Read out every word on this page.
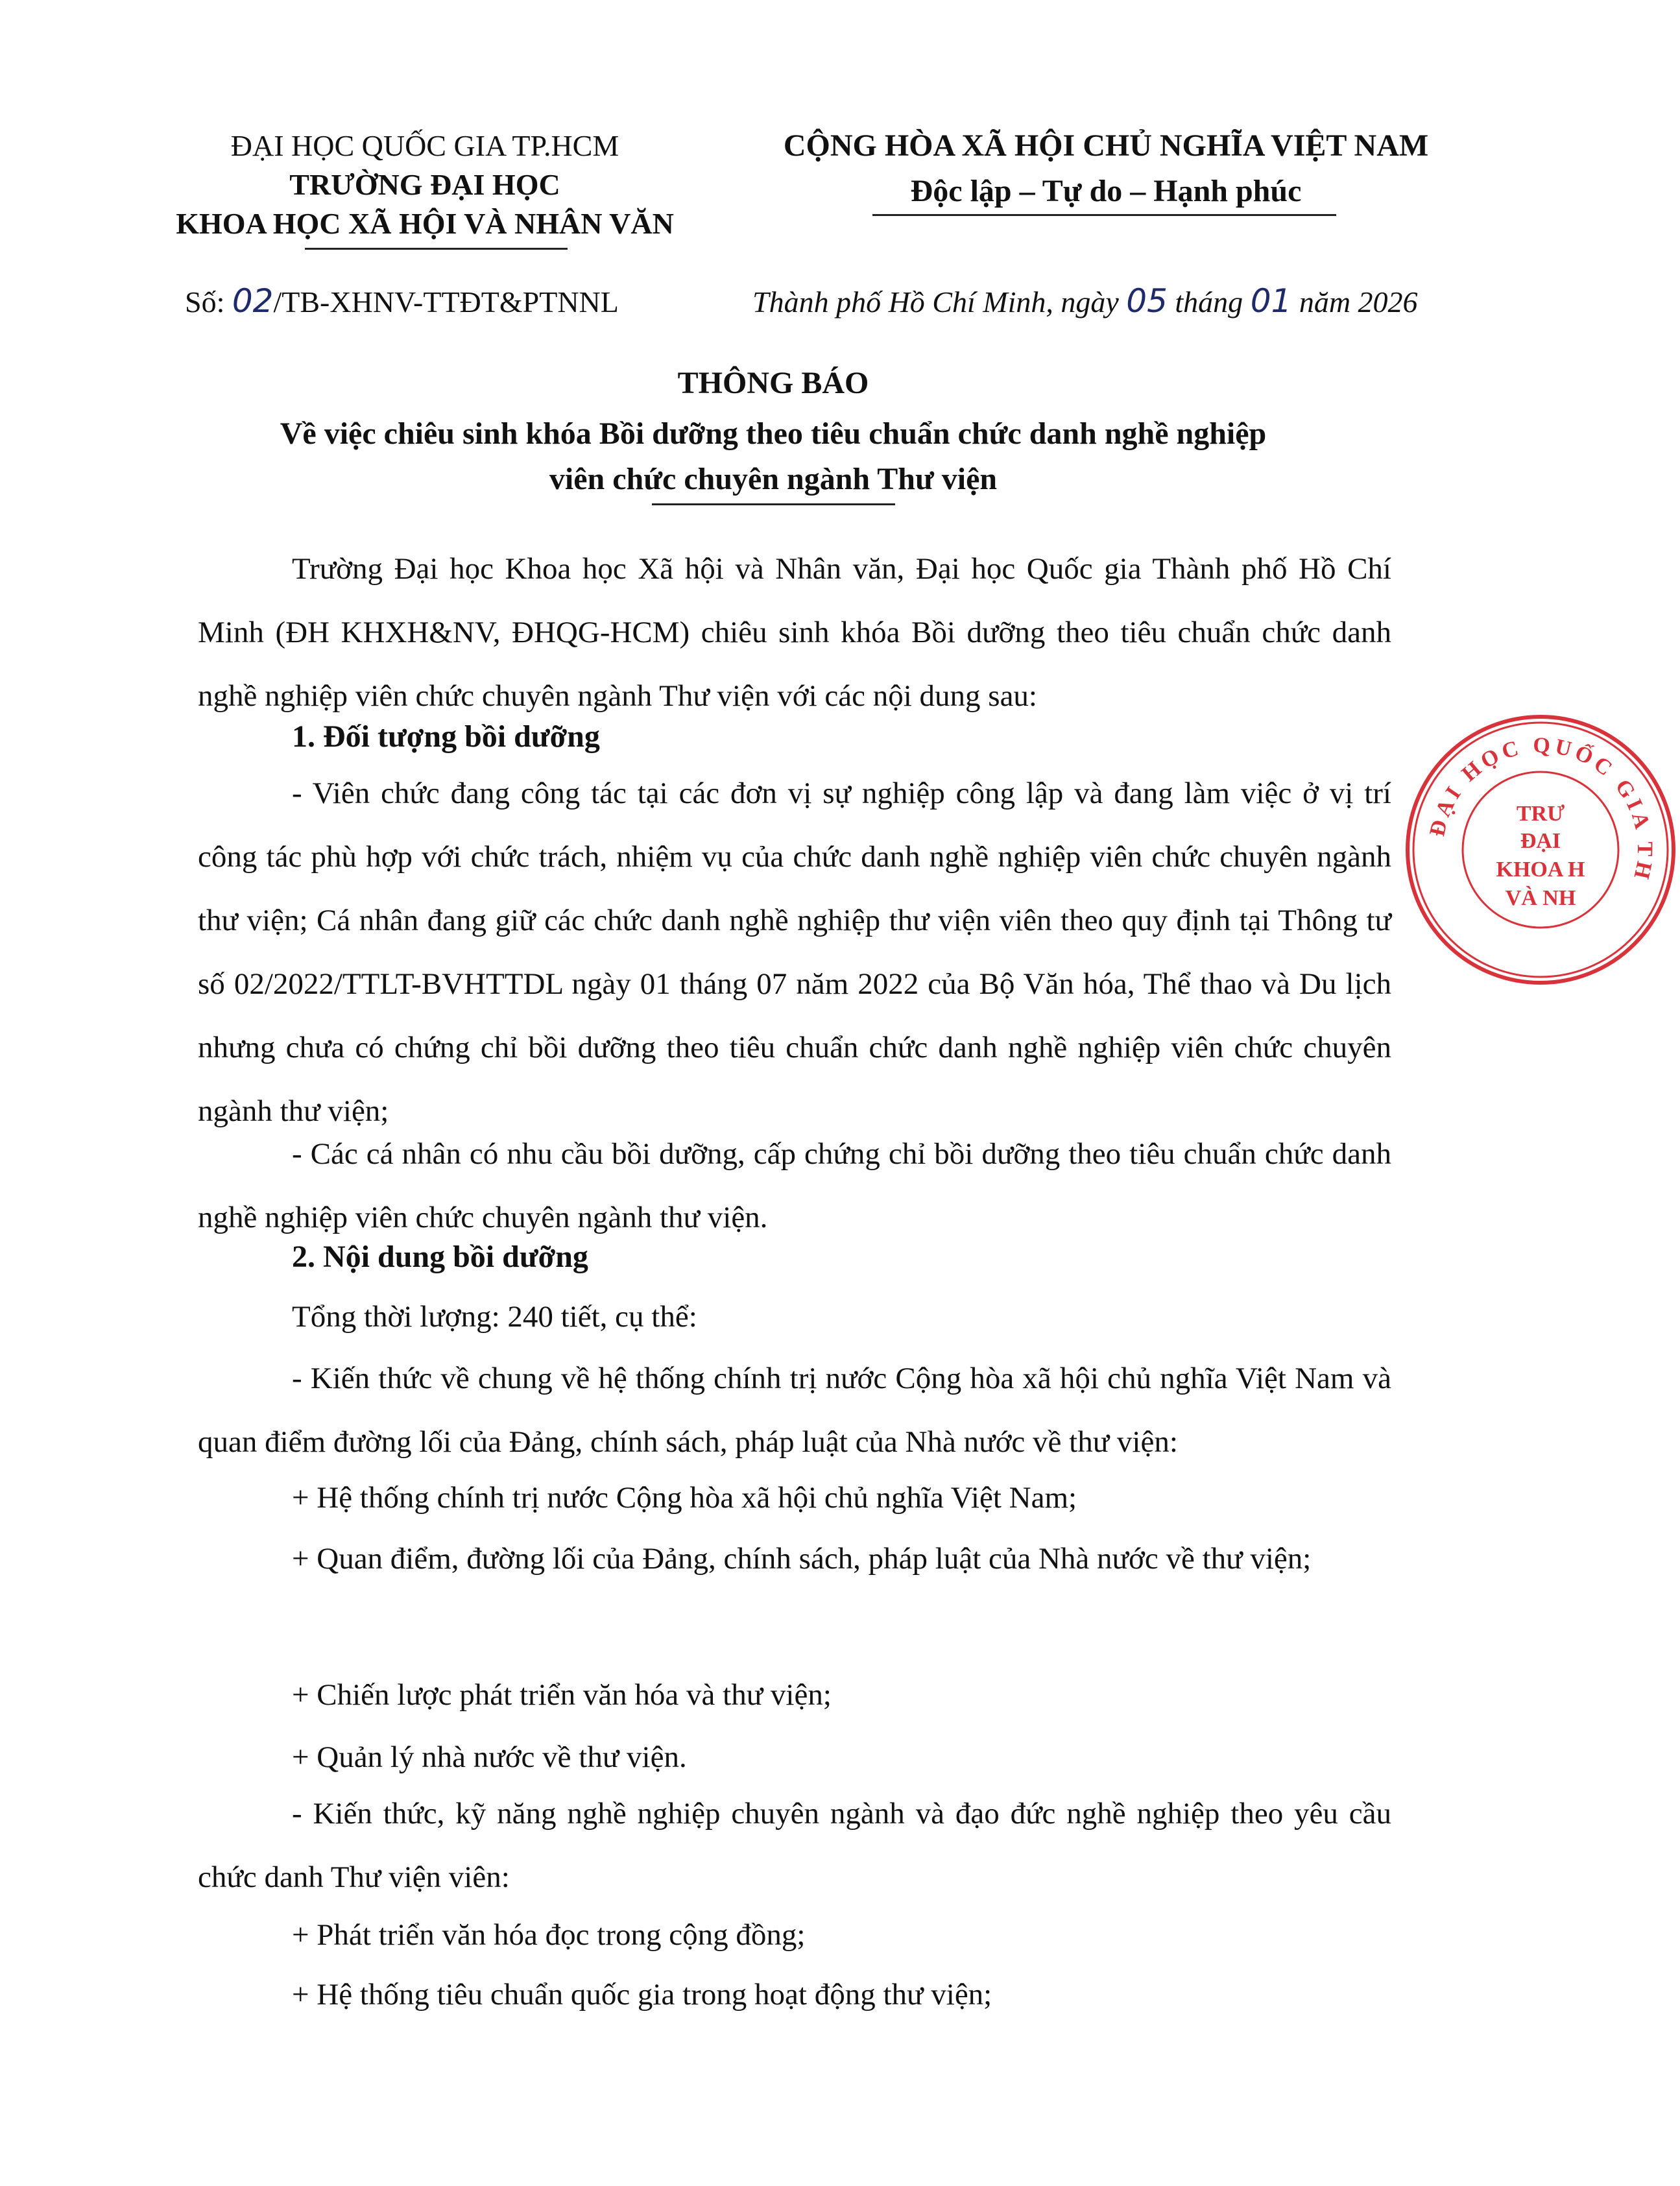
ĐẠI HỌC QUỐC GIA TP.HCM
TRƯỜNG ĐẠI HỌC
KHOA HỌC XÃ HỘI VÀ NHÂN VĂN
Số: 02/TB-XHNV-TTĐT&PTNNL
CỘNG HÒA XÃ HỘI CHỦ NGHĨA VIỆT NAM
Độc lập – Tự do – Hạnh phúc
Thành phố Hồ Chí Minh, ngày 05 tháng 01 năm 2026
THÔNG BÁO
Về việc chiêu sinh khóa Bồi dưỡng theo tiêu chuẩn chức danh nghề nghiệp
viên chức chuyên ngành Thư viện
Trường Đại học Khoa học Xã hội và Nhân văn, Đại học Quốc gia Thành phố Hồ Chí Minh (ĐH KHXH&NV, ĐHQG-HCM) chiêu sinh khóa Bồi dưỡng theo tiêu chuẩn chức danh nghề nghiệp viên chức chuyên ngành Thư viện với các nội dung sau:
1. Đối tượng bồi dưỡng
- Viên chức đang công tác tại các đơn vị sự nghiệp công lập và đang làm việc ở vị trí công tác phù hợp với chức trách, nhiệm vụ của chức danh nghề nghiệp viên chức chuyên ngành thư viện; Cá nhân đang giữ các chức danh nghề nghiệp thư viện viên theo quy định tại Thông tư số 02/2022/TTLT-BVHTTDL ngày 01 tháng 07 năm 2022 của Bộ Văn hóa, Thể thao và Du lịch nhưng chưa có chứng chỉ bồi dưỡng theo tiêu chuẩn chức danh nghề nghiệp viên chức chuyên ngành thư viện;
- Các cá nhân có nhu cầu bồi dưỡng, cấp chứng chỉ bồi dưỡng theo tiêu chuẩn chức danh nghề nghiệp viên chức chuyên ngành thư viện.
2. Nội dung bồi dưỡng
Tổng thời lượng: 240 tiết, cụ thể:
- Kiến thức về chung về hệ thống chính trị nước Cộng hòa xã hội chủ nghĩa Việt Nam và quan điểm đường lối của Đảng, chính sách, pháp luật của Nhà nước về thư viện:
+ Hệ thống chính trị nước Cộng hòa xã hội chủ nghĩa Việt Nam;
+ Quan điểm, đường lối của Đảng, chính sách, pháp luật của Nhà nước về thư viện;
+ Chiến lược phát triển văn hóa và thư viện;
+ Quản lý nhà nước về thư viện.
- Kiến thức, kỹ năng nghề nghiệp chuyên ngành và đạo đức nghề nghiệp theo yêu cầu chức danh Thư viện viên:
+ Phát triển văn hóa đọc trong cộng đồng;
+ Hệ thống tiêu chuẩn quốc gia trong hoạt động thư viện;
ĐẠI HỌC QUỐC GIA TH
TRƯ
ĐẠI
KHOA H
VÀ NH
